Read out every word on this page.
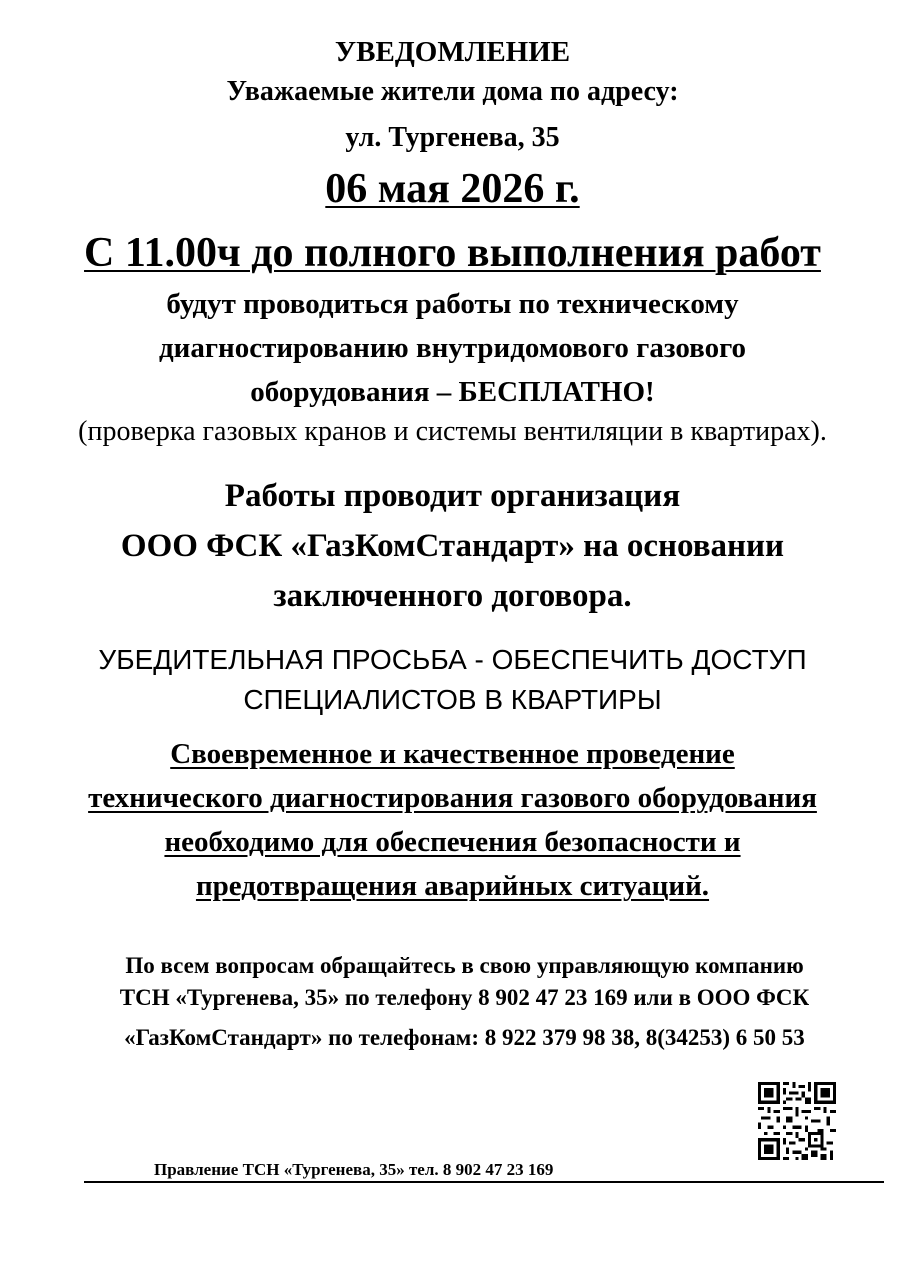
УВЕДОМЛЕНИЕ
Уважаемые жители дома по адресу:
ул. Тургенева, 35
06 мая 2026 г.
С 11.00ч до полного выполнения работ
будут проводиться работы по техническому
диагностированию внутридомового газового
оборудования – БЕСПЛАТНО!
(проверка газовых кранов и системы вентиляции в квартирах).
Работы проводит организация
ООО ФСК «ГазКомСтандарт» на основании
заключенного договора.
УБЕДИТЕЛЬНАЯ ПРОСЬБА - ОБЕСПЕЧИТЬ ДОСТУП
СПЕЦИАЛИСТОВ В КВАРТИРЫ
Своевременное и качественное проведение
технического диагностирования газового оборудования
необходимо для обеспечения безопасности и
предотвращения аварийных ситуаций.
По всем вопросам обращайтесь в свою управляющую компанию
ТСН «Тургенева, 35» по телефону 8 902 47 23 169 или в ООО ФСК
«ГазКомСтандарт» по телефонам: 8 922 379 98 38, 8(34253) 6 50 53
Правление ТСН «Тургенева, 35» тел. 8 902 47 23 169
